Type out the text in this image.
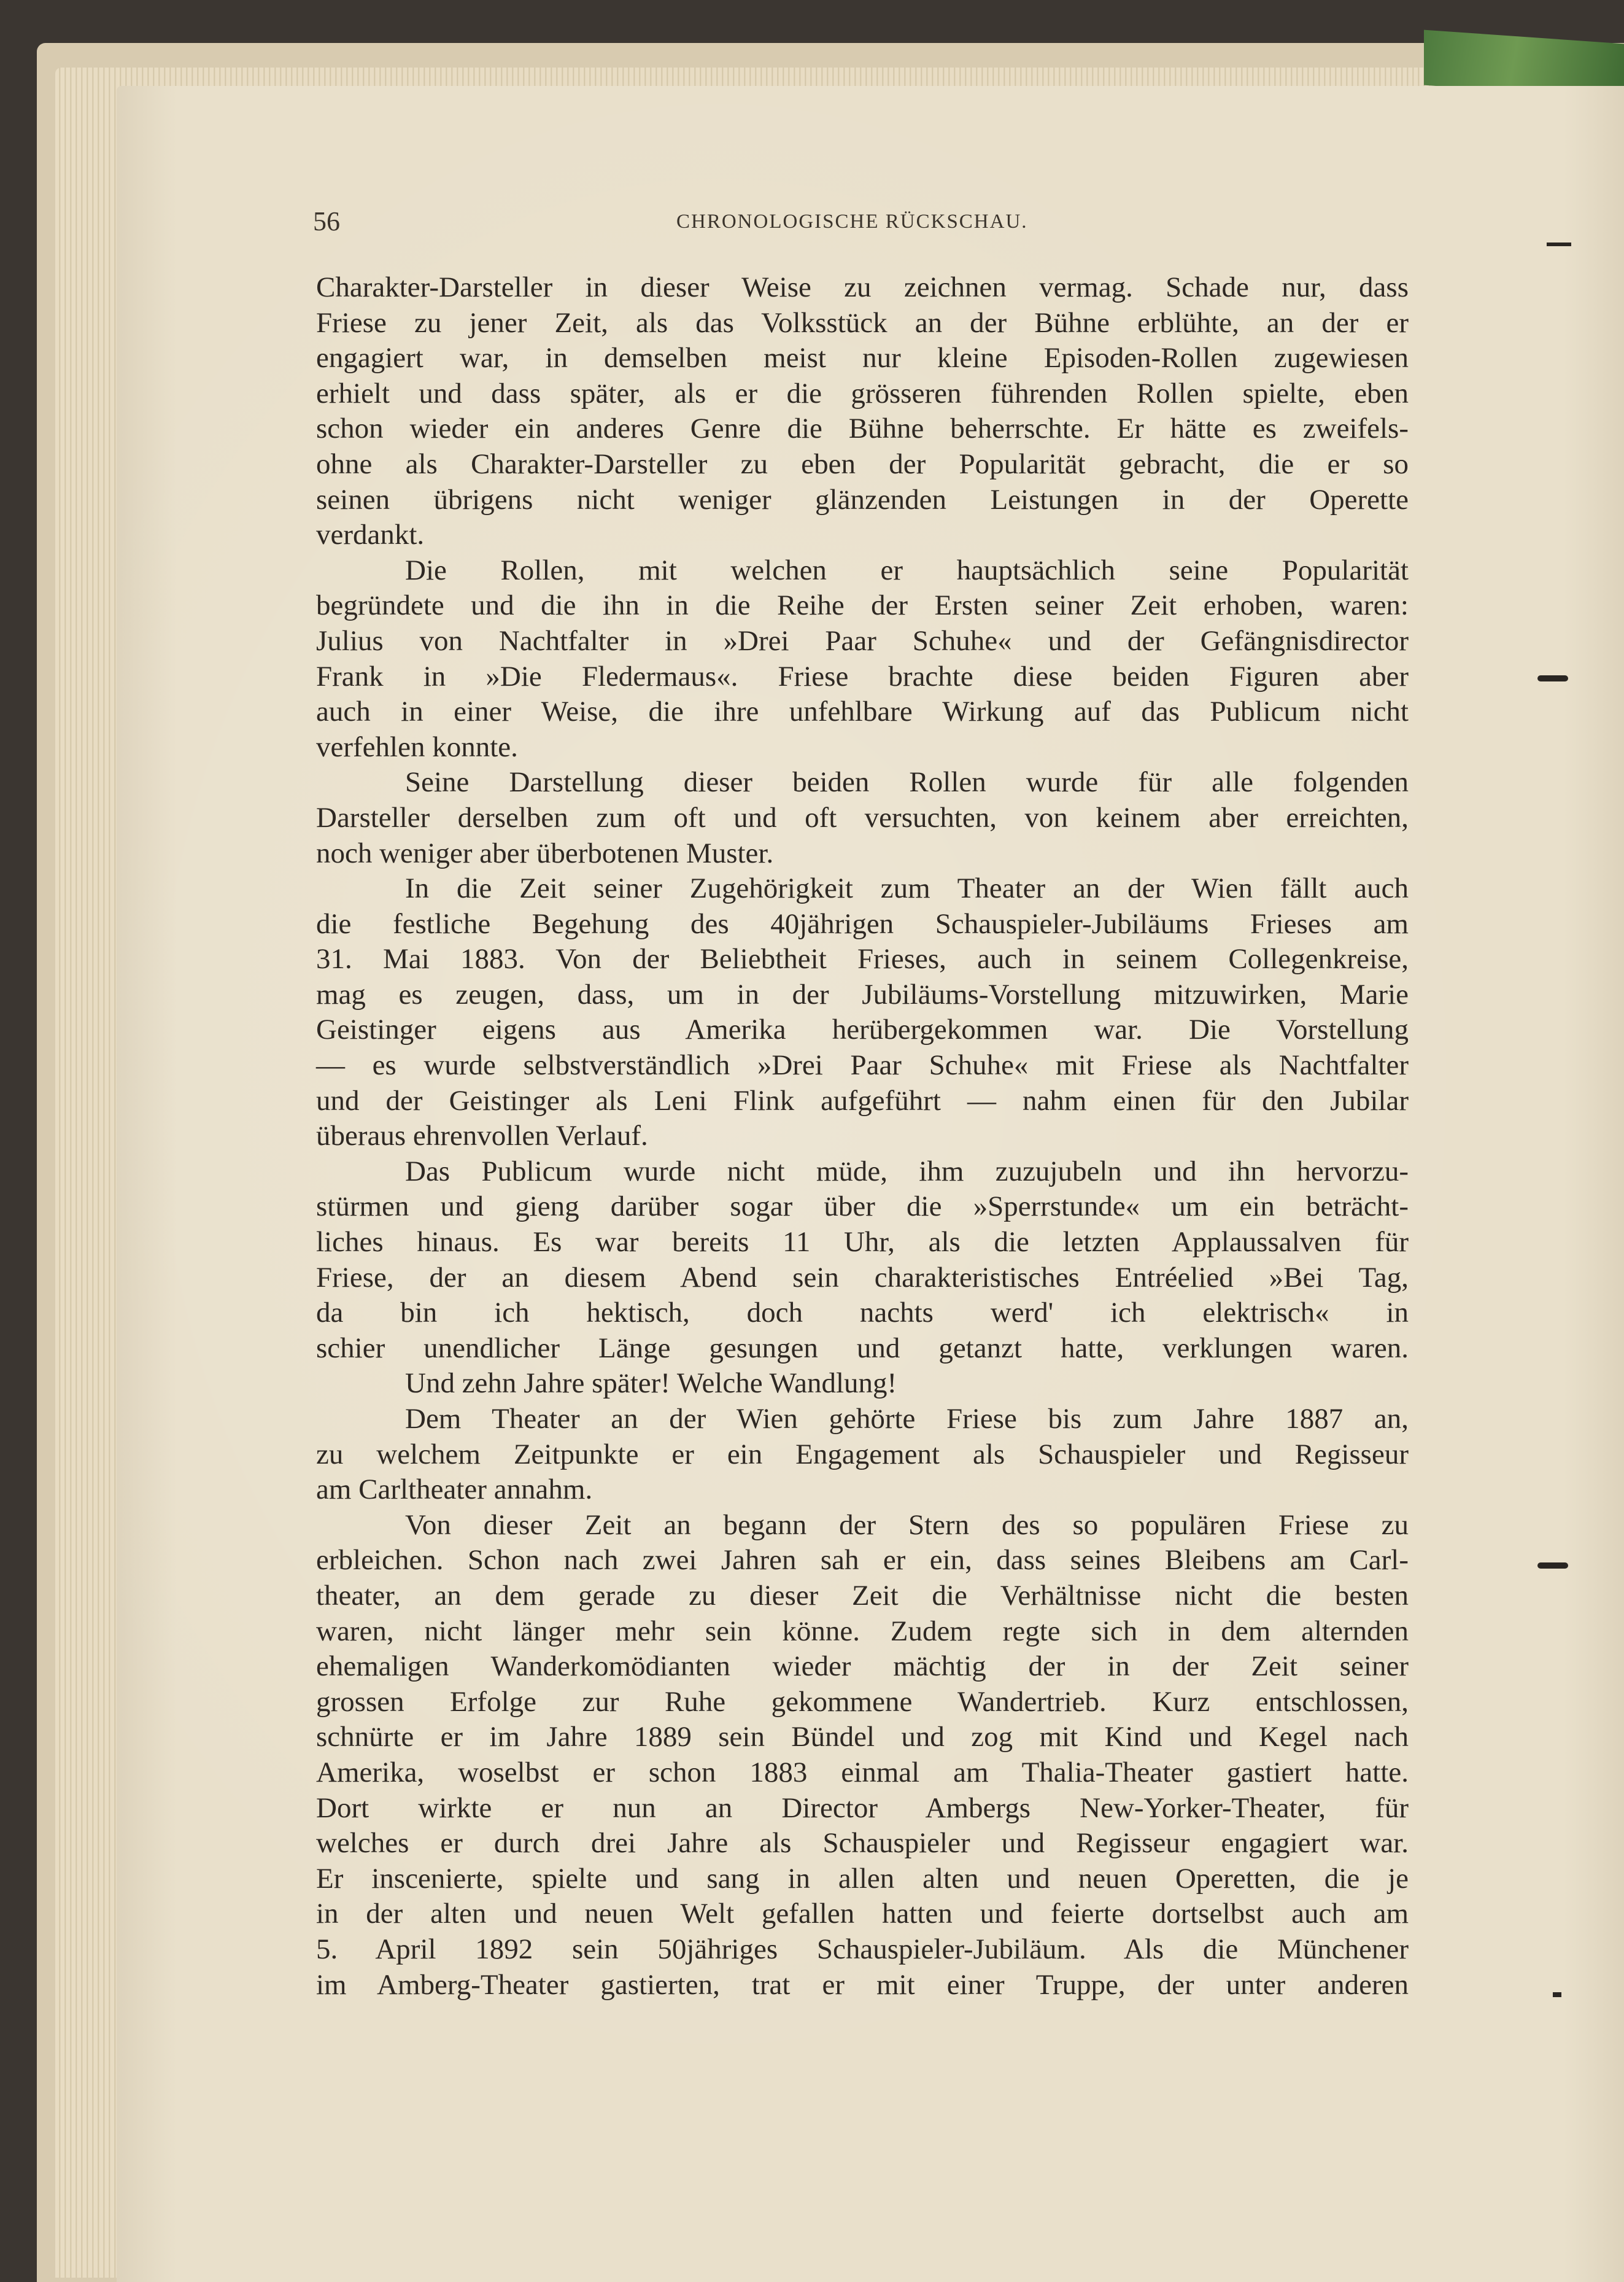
56	CHRONOLOGISCHE RÜCKSCHAU.
Charakter-Darsteller in dieser Weise zu zeichnen vermag. Schade nur, dass
Friese zu jener Zeit, als das Volksstück an der Bühne erblühte, an der er
engagiert war, in demselben meist nur kleine Episoden-Rollen zugewiesen
erhielt und dass später, als er die grösseren führenden Rollen spielte, eben
schon wieder ein anderes Genre die Bühne beherrschte. Er hätte es zweifels-
ohne als Charakter-Darsteller zu eben der Popularität gebracht, die er so
seinen übrigens nicht weniger glänzenden Leistungen in der Operette
verdankt.
Die Rollen, mit welchen er hauptsächlich seine Popularität
begründete und die ihn in die Reihe der Ersten seiner Zeit erhoben, waren:
Julius von Nachtfalter in »Drei Paar Schuhe« und der Gefängnisdirector
Frank in »Die Fledermaus«. Friese brachte diese beiden Figuren aber
auch in einer Weise, die ihre unfehlbare Wirkung auf das Publicum nicht
verfehlen konnte.
Seine Darstellung dieser beiden Rollen wurde für alle folgenden
Darsteller derselben zum oft und oft versuchten, von keinem aber erreichten,
noch weniger aber überbotenen Muster.
In die Zeit seiner Zugehörigkeit zum Theater an der Wien fällt auch
die festliche Begehung des 40jährigen Schauspieler-Jubiläums Frieses am
31. Mai 1883. Von der Beliebtheit Frieses, auch in seinem Collegenkreise,
mag es zeugen, dass, um in der Jubiläums-Vorstellung mitzuwirken, Marie
Geistinger eigens aus Amerika herübergekommen war. Die Vorstellung
— es wurde selbstverständlich »Drei Paar Schuhe« mit Friese als Nachtfalter
und der Geistinger als Leni Flink aufgeführt — nahm einen für den Jubilar
überaus ehrenvollen Verlauf.
Das Publicum wurde nicht müde, ihm zuzujubeln und ihn hervorzu-
stürmen und gieng darüber sogar über die »Sperrstunde« um ein beträcht-
liches hinaus. Es war bereits 11 Uhr, als die letzten Applaussalven für
Friese, der an diesem Abend sein charakteristisches Entréelied »Bei Tag,
da bin ich hektisch, doch nachts werd' ich elektrisch« in
schier unendlicher Länge gesungen und getanzt hatte, verklungen waren.
Und zehn Jahre später! Welche Wandlung!
Dem Theater an der Wien gehörte Friese bis zum Jahre 1887 an,
zu welchem Zeitpunkte er ein Engagement als Schauspieler und Regisseur
am Carltheater annahm.
Von dieser Zeit an begann der Stern des so populären Friese zu
erbleichen. Schon nach zwei Jahren sah er ein, dass seines Bleibens am Carl-
theater, an dem gerade zu dieser Zeit die Verhältnisse nicht die besten
waren, nicht länger mehr sein könne. Zudem regte sich in dem alternden
ehemaligen Wanderkomödianten wieder mächtig der in der Zeit seiner
grossen Erfolge zur Ruhe gekommene Wandertrieb. Kurz entschlossen,
schnürte er im Jahre 1889 sein Bündel und zog mit Kind und Kegel nach
Amerika, woselbst er schon 1883 einmal am Thalia-Theater gastiert hatte.
Dort wirkte er nun an Director Ambergs New-Yorker-Theater, für
welches er durch drei Jahre als Schauspieler und Regisseur engagiert war.
Er inscenierte, spielte und sang in allen alten und neuen Operetten, die je
in der alten und neuen Welt gefallen hatten und feierte dortselbst auch am
5. April 1892 sein 50jähriges Schauspieler-Jubiläum. Als die Münchener
im Amberg-Theater gastierten, trat er mit einer Truppe, der unter anderen
